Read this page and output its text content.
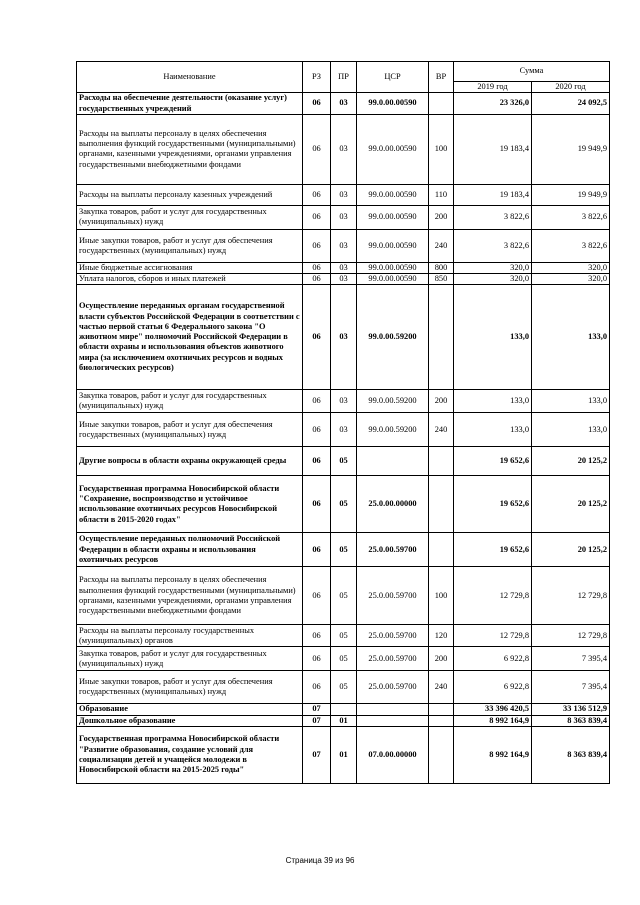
Наименование	РЗ	ПР	ЦСР	ВР	Сумма	
					2019 год	2020 год
Расходы на обеспечение деятельности (оказание услуг) государственных учреждений	06	03	99.0.00.00590		23 326,0	24 092,5
Расходы на выплаты персоналу в целях обеспечения выполнения функций государственными (муниципальными) органами, казенными учреждениями, органами управления государственными внебюджетными фондами	06	03	99.0.00.00590	100	19 183,4	19 949,9
Расходы на выплаты персоналу казенных учреждений	06	03	99.0.00.00590	110	19 183,4	19 949,9
Закупка товаров, работ и услуг для государственных (муниципальных) нужд	06	03	99.0.00.00590	200	3 822,6	3 822,6
Иные закупки товаров, работ и услуг для обеспечения государственных (муниципальных) нужд	06	03	99.0.00.00590	240	3 822,6	3 822,6
Иные бюджетные ассигнования	06	03	99.0.00.00590	800	320,0	320,0
Уплата налогов, сборов и иных платежей	06	03	99.0.00.00590	850	320,0	320,0
Осуществление переданных органам государственной власти субъектов Российской Федерации в соответствии с частью первой статьи 6 Федерального закона "О животном мире" полномочий Российской Федерации в области охраны и использования объектов животного мира (за исключением охотничьих ресурсов и водных биологических ресурсов)	06	03	99.0.00.59200		133,0	133,0
Закупка товаров, работ и услуг для государственных (муниципальных) нужд	06	03	99.0.00.59200	200	133,0	133,0
Иные закупки товаров, работ и услуг для обеспечения государственных (муниципальных) нужд	06	03	99.0.00.59200	240	133,0	133,0
Другие вопросы в области охраны окружающей среды	06	05			19 652,6	20 125,2
Государственная программа Новосибирской области "Сохранение, воспроизводство и устойчивое использование охотничьих ресурсов Новосибирской области в 2015-2020 годах"	06	05	25.0.00.00000		19 652,6	20 125,2
Осуществление переданных полномочий Российской Федерации в области охраны и использования охотничьих ресурсов	06	05	25.0.00.59700		19 652,6	20 125,2
Расходы на выплаты персоналу в целях обеспечения выполнения функций государственными (муниципальными) органами, казенными учреждениями, органами управления государственными внебюджетными фондами	06	05	25.0.00.59700	100	12 729,8	12 729,8
Расходы на выплаты персоналу государственных (муниципальных) органов	06	05	25.0.00.59700	120	12 729,8	12 729,8
Закупка товаров, работ и услуг для государственных (муниципальных) нужд	06	05	25.0.00.59700	200	6 922,8	7 395,4
Иные закупки товаров, работ и услуг для обеспечения государственных (муниципальных) нужд	06	05	25.0.00.59700	240	6 922,8	7 395,4
Образование	07				33 396 420,5	33 136 512,9
Дошкольное образование	07	01			8 992 164,9	8 363 839,4
Государственная программа Новосибирской области "Развитие образования, создание условий для социализации детей и учащейся молодежи в Новосибирской области на 2015-2025 годы"	07	01	07.0.00.00000		8 992 164,9	8 363 839,4
Страница 39 из 96
